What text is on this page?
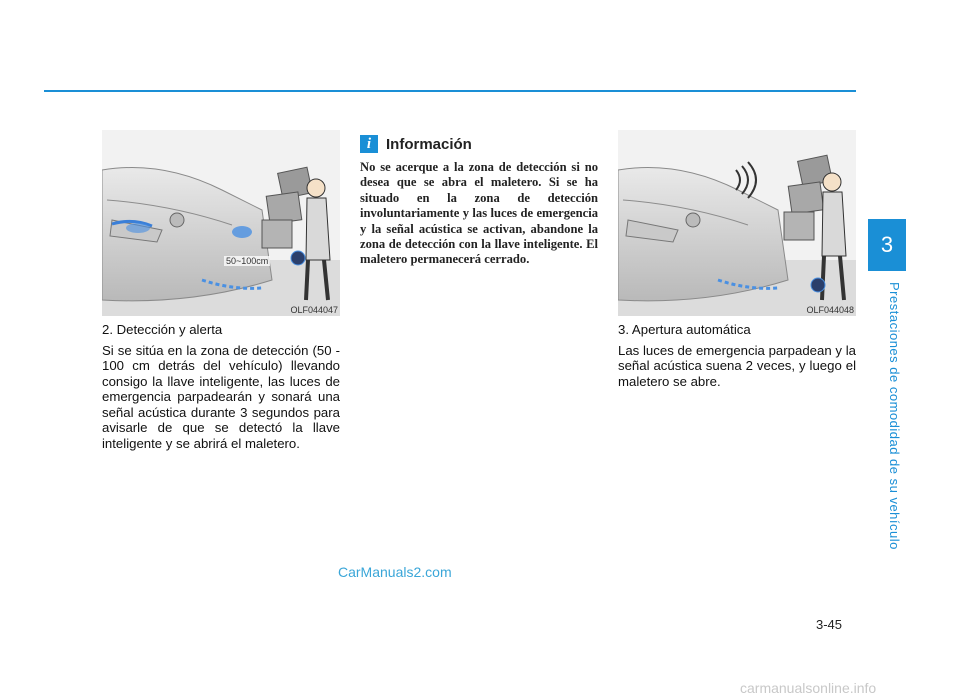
3
Prestaciones de comodidad de su vehículo
50~100cm
OLF044047	OLF044048

2. Detección y alerta

Si se sitúa en la zona de detección (50 - 100 cm detrás del vehículo) llevando consigo la llave inteligente, las luces de emergencia parpadearán y sonará una señal acústica durante 3 segundos para avisarle de que se detectó la llave inteligente y se abrirá el maletero.

i Información

No se acerque a la zona de detección si no desea que se abra el maletero. Si se ha situado en la zona de detección involuntariamente y las luces de emergencia y la señal acústica se activan, abandone la zona de detección con la llave inteligente. El maletero permanecerá cerrado.

3. Apertura automática

Las luces de emergencia parpadean y la señal acústica suena 2 veces, y luego el maletero se abre.

CarManuals2.com
3-45
carmanualsonline.info
